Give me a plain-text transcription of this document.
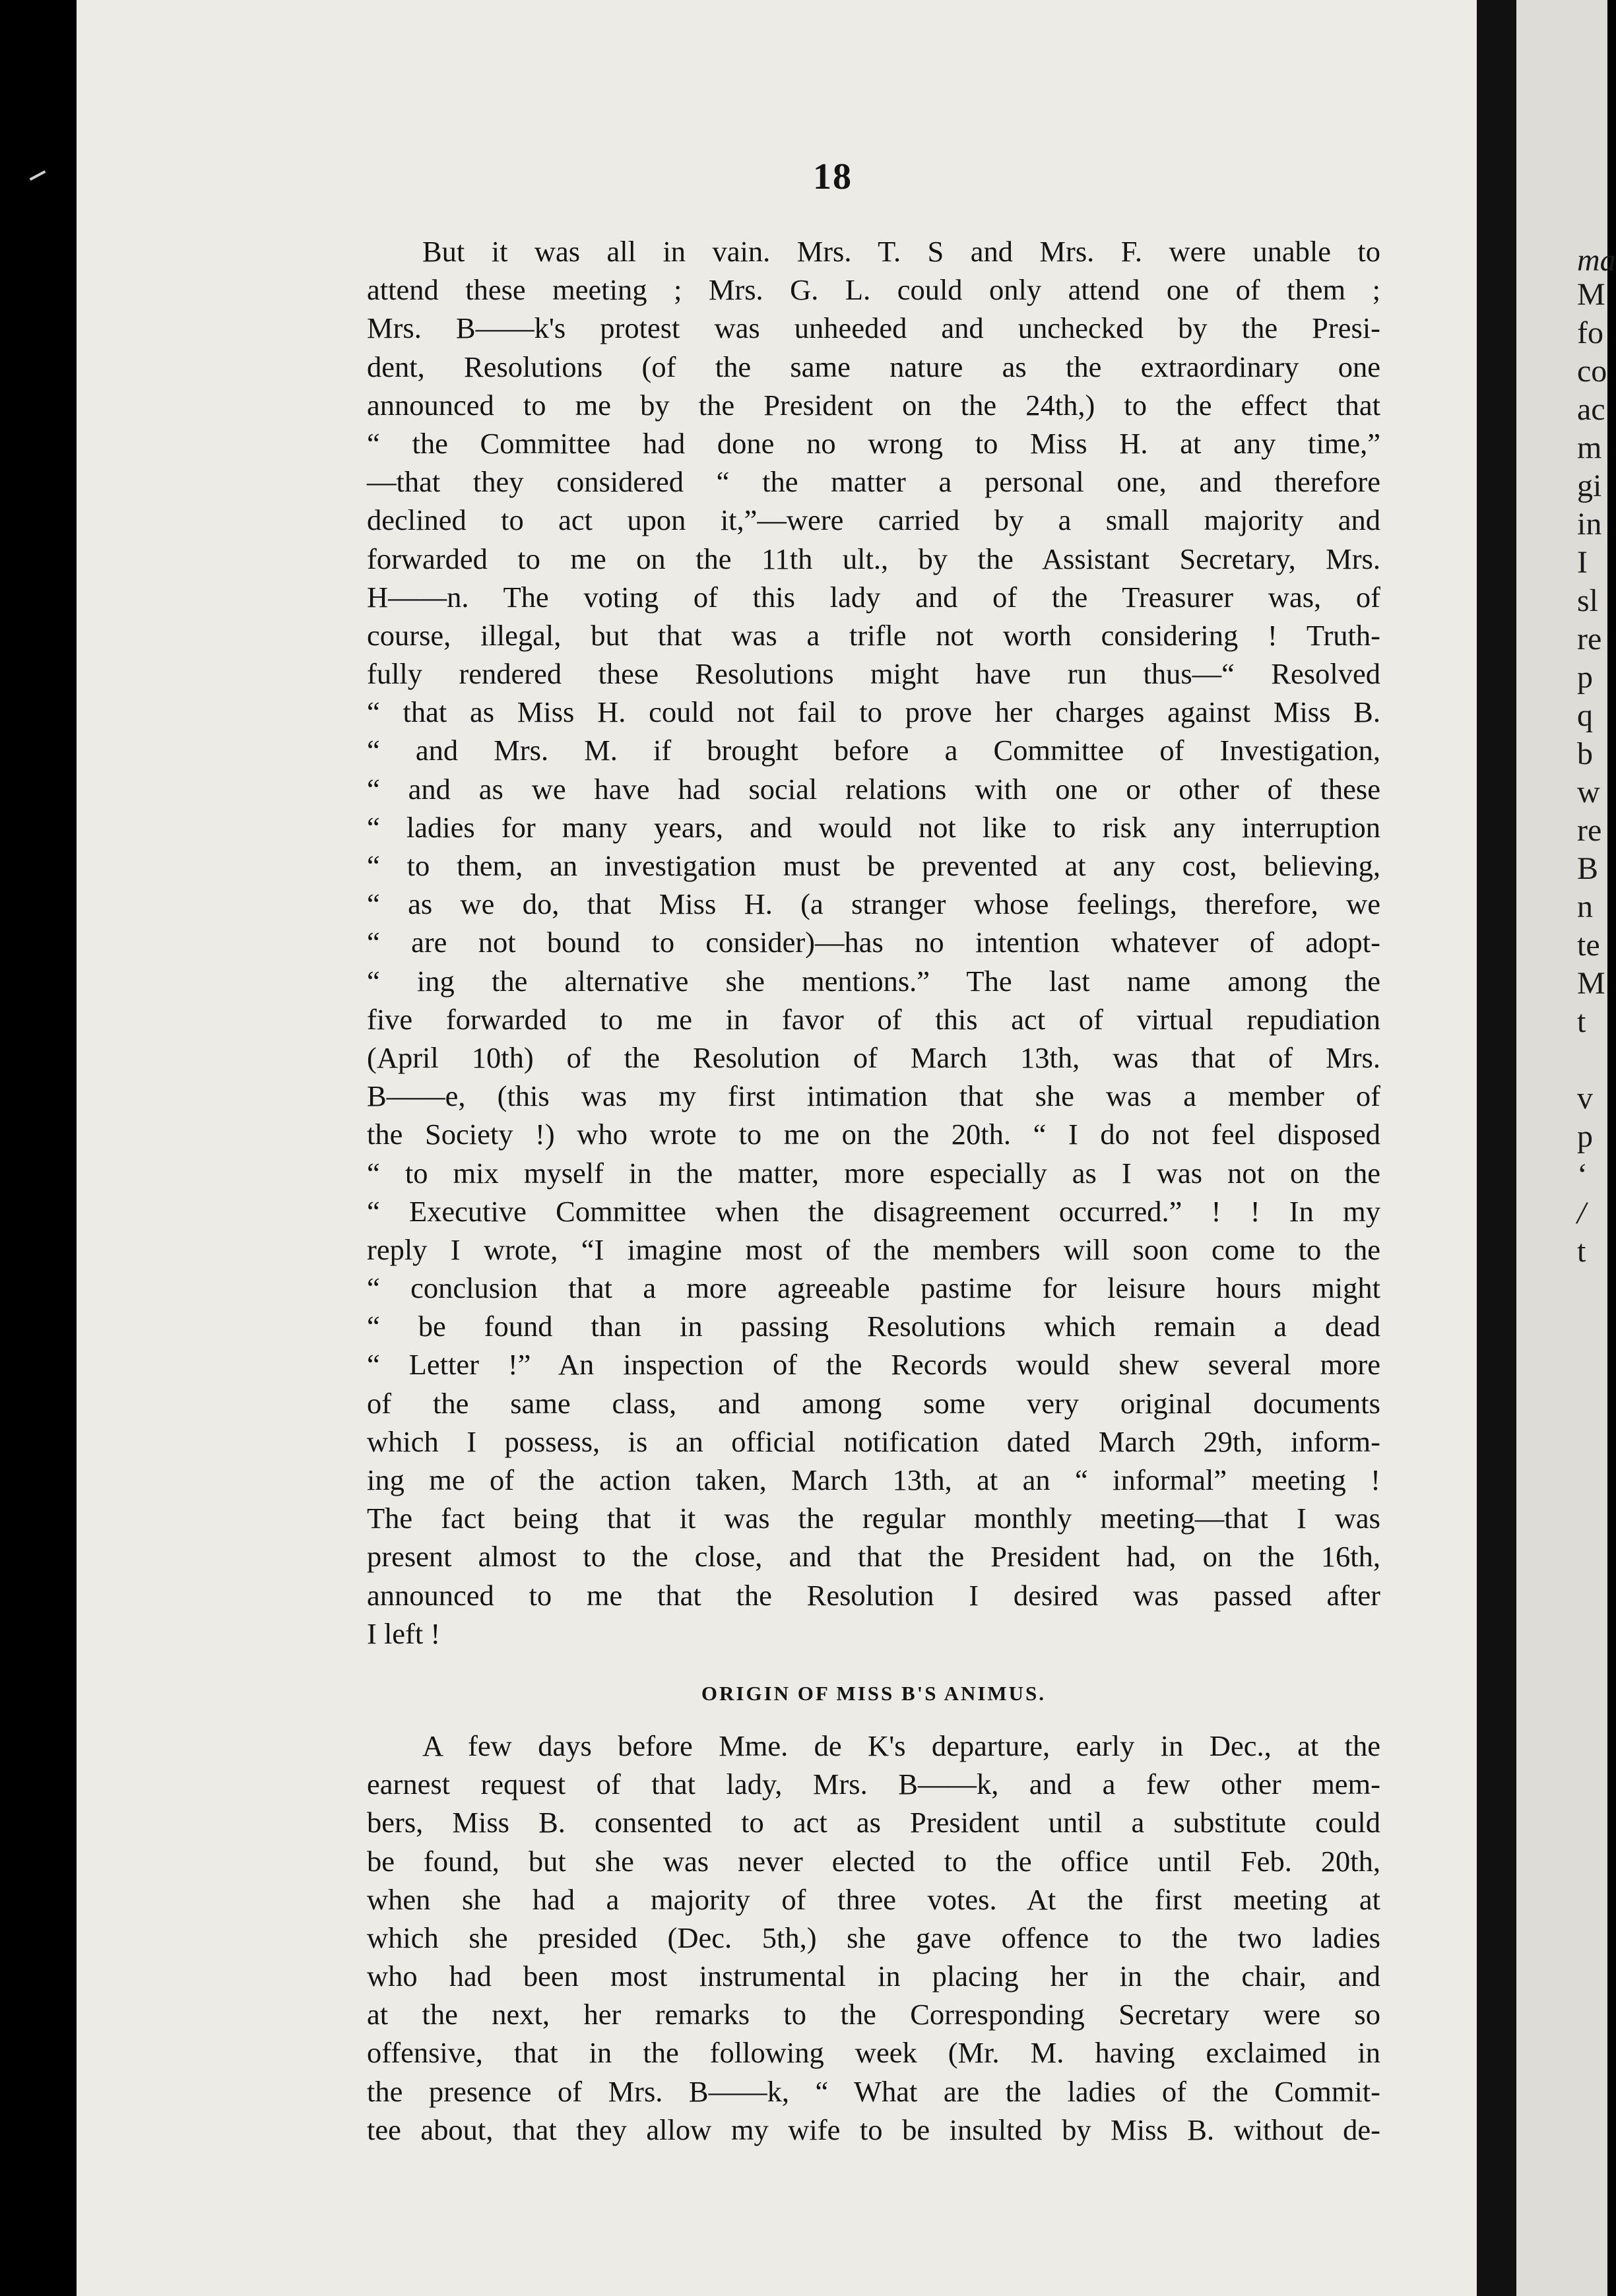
18
But it was all in vain. Mrs. T. S and Mrs. F. were unable to
attend these meeting ; Mrs. G. L. could only attend one of them ;
Mrs. B——k's protest was unheeded and unchecked by the Presi-
dent, Resolutions (of the same nature as the extraordinary one
announced to me by the President on the 24th,) to the effect that
“ the Committee had done no wrong to Miss H. at any time,”
—that they considered “ the matter a personal one, and therefore
declined to act upon it,”—were carried by a small majority and
forwarded to me on the 11th ult., by the Assistant Secretary, Mrs.
H——n. The voting of this lady and of the Treasurer was, of
course, illegal, but that was a trifle not worth considering ! Truth-
fully rendered these Resolutions might have run thus—“ Resolved
“ that as Miss H. could not fail to prove her charges against Miss B.
“ and Mrs. M. if brought before a Committee of Investigation,
“ and as we have had social relations with one or other of these
“ ladies for many years, and would not like to risk any interruption
“ to them, an investigation must be prevented at any cost, believing,
“ as we do, that Miss H. (a stranger whose feelings, therefore, we
“ are not bound to consider)—has no intention whatever of adopt-
“ ing the alternative she mentions.” The last name among the
five forwarded to me in favor of this act of virtual repudiation
(April 10th) of the Resolution of March 13th, was that of Mrs.
B——e, (this was my first intimation that she was a member of
the Society !) who wrote to me on the 20th. “ I do not feel disposed
“ to mix myself in the matter, more especially as I was not on the
“ Executive Committee when the disagreement occurred.” ! ! In my
reply I wrote, “I imagine most of the members will soon come to the
“ conclusion that a more agreeable pastime for leisure hours might
“ be found than in passing Resolutions which remain a dead
“ Letter !” An inspection of the Records would shew several more
of the same class, and among some very original documents
which I possess, is an official notification dated March 29th, inform-
ing me of the action taken, March 13th, at an “ informal” meeting !
The fact being that it was the regular monthly meeting—that I was
present almost to the close, and that the President had, on the 16th,
announced to me that the Resolution I desired was passed after
I left !
ORIGIN OF MISS B'S ANIMUS.
A few days before Mme. de K's departure, early in Dec., at the
earnest request of that lady, Mrs. B——k, and a few other mem-
bers, Miss B. consented to act as President until a substitute could
be found, but she was never elected to the office until Feb. 20th,
when she had a majority of three votes. At the first meeting at
which she presided (Dec. 5th,) she gave offence to the two ladies
who had been most instrumental in placing her in the chair, and
at the next, her remarks to the Corresponding Secretary were so
offensive, that in the following week (Mr. M. having exclaimed in
the presence of Mrs. B——k, “ What are the ladies of the Commit-
tee about, that they allow my wife to be insulted by Miss B. without de-
ma
M
fo
co
ac
m
gi
in
I
sl
re
p
q
b
w
re
B
n
te
M
t
v
p
‘
/
t
